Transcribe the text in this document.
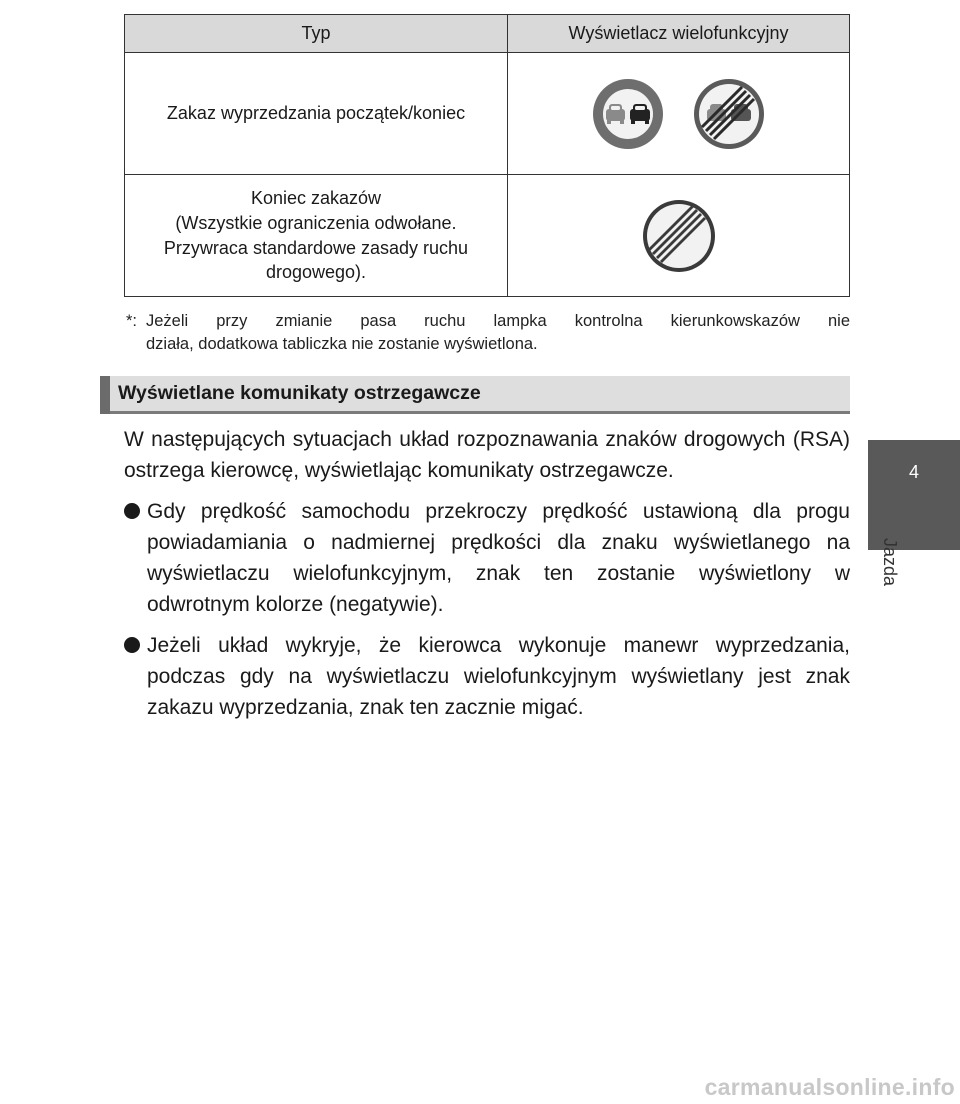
Typ	Wyświetlacz wielofunkcyjny
Zakaz wyprzedzania początek/koniec	

Koniec zakazów
(Wszystkie ograniczenia odwołane.
Przywraca standardowe zasady ruchu
drogowego).

*: Jeżeli przy zmianie pasa ruchu lampka kontrolna kierunkowskazów nie
działa, dodatkowa tabliczka nie zostanie wyświetlona.
Wyświetlane komunikaty ostrzegawcze

W następujących sytuacjach układ rozpoznawania znaków drogowych (RSA) ostrzega kierowcę, wyświetlając komunikaty ostrzegawcze.

Gdy prędkość samochodu przekroczy prędkość ustawioną dla progu powiadamiania o nadmiernej prędkości dla znaku wyświetlanego na wyświetlaczu wielofunkcyjnym, znak ten zostanie wyświetlony w odwrotnym kolorze (negatywie).

Jeżeli układ wykryje, że kierowca wykonuje manewr wyprzedzania, podczas gdy na wyświetlaczu wielofunkcyjnym wyświetlany jest znak zakazu wyprzedzania, znak ten zacznie migać.

4
Jazda
carmanualsonline.info
